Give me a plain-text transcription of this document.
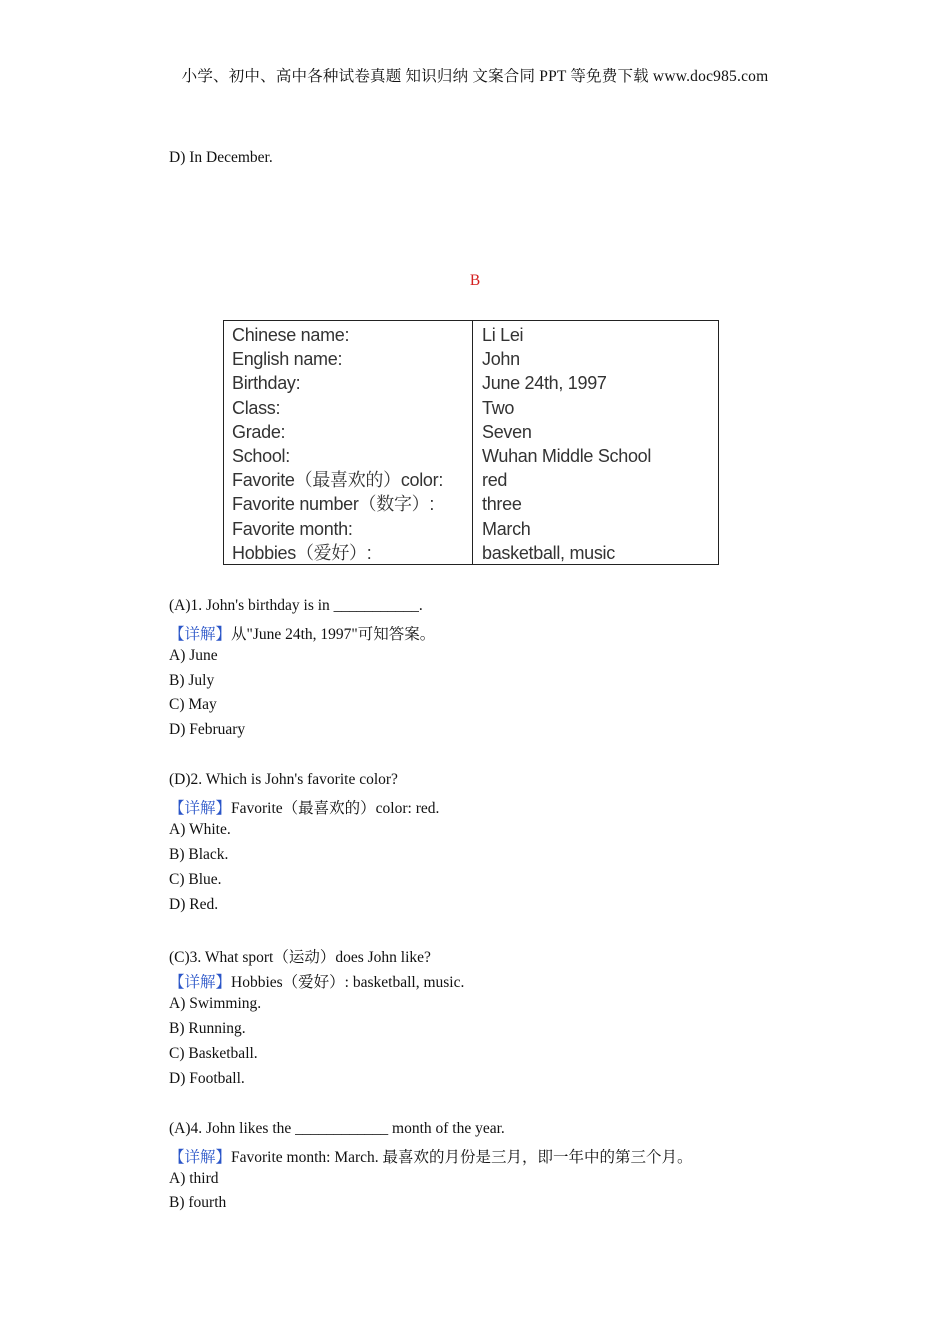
小学、初中、高中各种试卷真题 知识归纳 文案合同 PPT 等免费下载 www.doc985.com
D) In December.
B
Chinese name:
English name:
Birthday:
Class:
Grade:
School:
Favorite（最喜欢的）color:
Favorite number（数字）:
Favorite month:
Hobbies（爱好）:
Li Lei
John
June 24th, 1997
Two
Seven
Wuhan Middle School
red
three
March
basketball, music
(A)1. John's birthday is in ___________.
【详解】从"June 24th, 1997"可知答案。
A) June
B) July
C) May
D) February
(D)2. Which is John's favorite color?
【详解】Favorite（最喜欢的）color: red.
A) White.
B) Black.
C) Blue.
D) Red.
(C)3. What sport（运动）does John like?
【详解】Hobbies（爱好）: basketball, music.
A) Swimming.
B) Running.
C) Basketball.
D) Football.
(A)4. John likes the ____________ month of the year.
【详解】Favorite month: March. 最喜欢的月份是三月，即一年中的第三个月。
A) third
B) fourth
